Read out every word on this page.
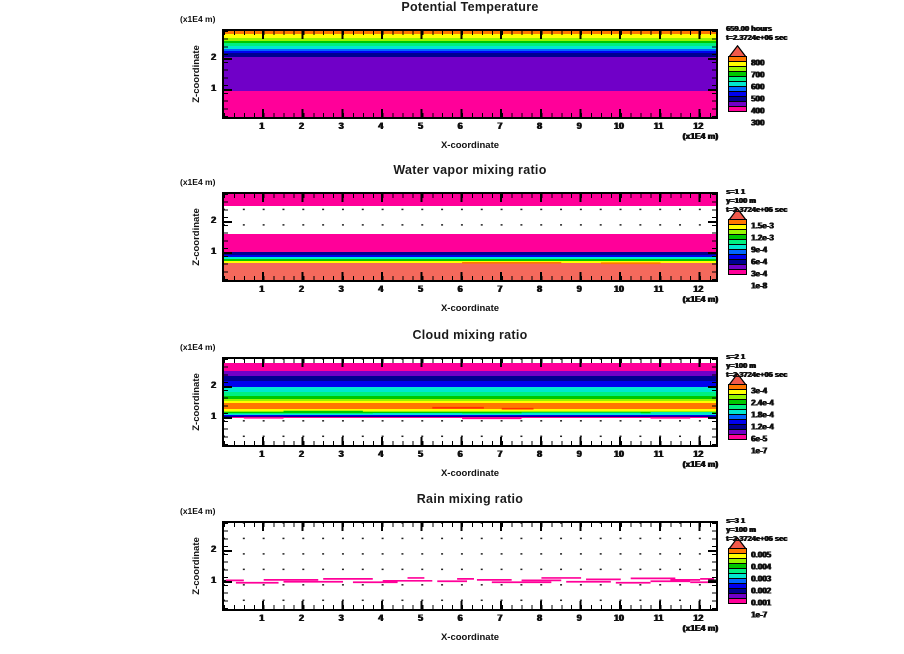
Potential Temperature
(x1E4 m)
Z-coordinate	2
1
1	2	3	4	5	6	7	8	9	10	11	12
(x1E4 m)
X-coordinate
800
700
600
500
400
300
659.00 hours
t=2.3724e+06 sec
Water vapor mixing ratio
(x1E4 m)
Z-coordinate	2
1
1	2	3	4	5	6	7	8	9	10	11	12
(x1E4 m)
X-coordinate
1.5e-3
1.2e-3
9e-4
6e-4
3e-4
1e-8
s=1 1
y=100 m
t=2.3724e+06 sec
Cloud mixing ratio
(x1E4 m)
Z-coordinate	2
1
1	2	3	4	5	6	7	8	9	10	11	12
(x1E4 m)
X-coordinate
3e-4
2.4e-4
1.8e-4
1.2e-4
6e-5
1e-7
s=2 1
y=100 m
t=2.3724e+06 sec
Rain mixing ratio
(x1E4 m)
Z-coordinate	2
1
1	2	3	4	5	6	7	8	9	10	11	12
(x1E4 m)
X-coordinate
0.005
0.004
0.003
0.002
0.001
1e-7
s=3 1
y=100 m
t=2.3724e+06 sec
